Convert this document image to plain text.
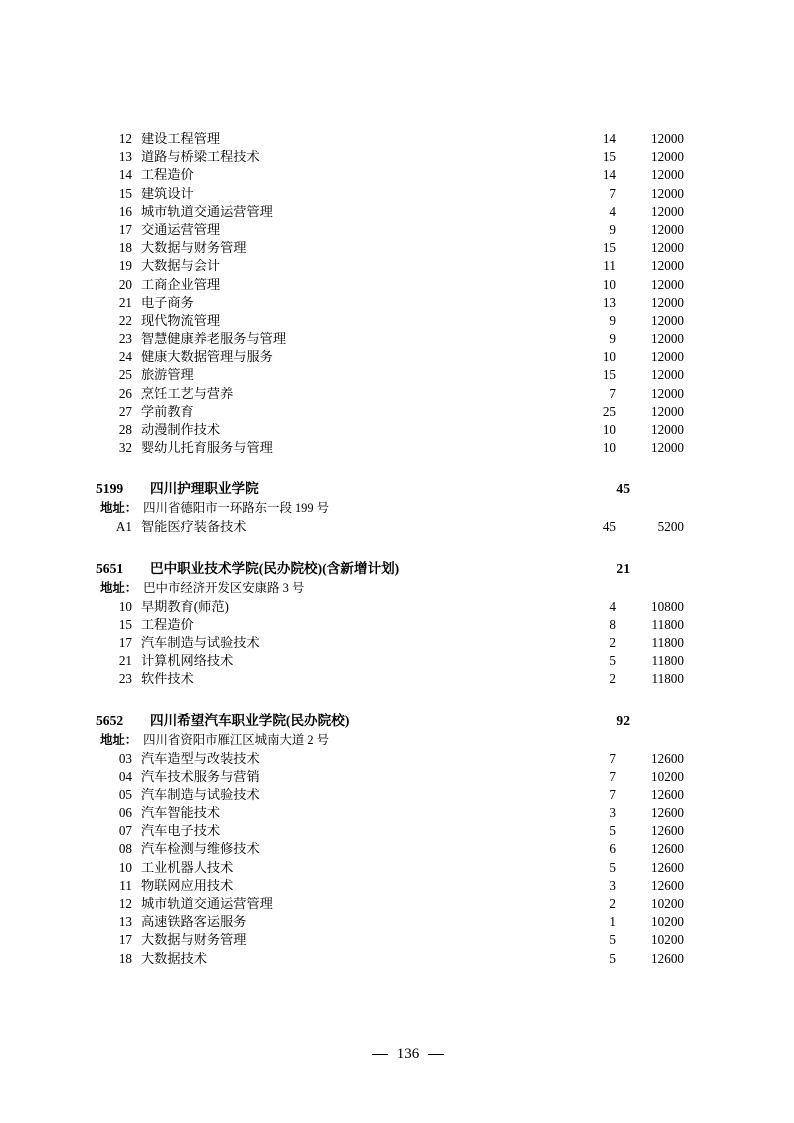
12 建设工程管理	14	12000
13 道路与桥梁工程技术	15	12000
14 工程造价	14	12000
15 建筑设计	7	12000
16 城市轨道交通运营管理	4	12000
17 交通运营管理	9	12000
18 大数据与财务管理	15	12000
19 大数据与会计	11	12000
20 工商企业管理	10	12000
21 电子商务	13	12000
22 现代物流管理	9	12000
23 智慧健康养老服务与管理	9	12000
24 健康大数据管理与服务	10	12000
25 旅游管理	15	12000
26 烹饪工艺与营养	7	12000
27 学前教育	25	12000
28 动漫制作技术	10	12000
32 婴幼儿托育服务与管理	10	12000
5199	四川护理职业学院	45
地址： 四川省德阳市一环路东一段 199 号
A1 智能医疗装备技术	45	5200
5651	巴中职业技术学院(民办院校)(含新增计划)	21
地址： 巴中市经济开发区安康路 3 号
10 早期教育(师范)	4	10800
15 工程造价	8	11800
17 汽车制造与试验技术	2	11800
21 计算机网络技术	5	11800
23 软件技术	2	11800
5652	四川希望汽车职业学院(民办院校)	92
地址： 四川省资阳市雁江区城南大道 2 号
03 汽车造型与改装技术	7	12600
04 汽车技术服务与营销	7	10200
05 汽车制造与试验技术	7	12600
06 汽车智能技术	3	12600
07 汽车电子技术	5	12600
08 汽车检测与维修技术	6	12600
10 工业机器人技术	5	12600
11 物联网应用技术	3	12600
12 城市轨道交通运营管理	2	10200
13 高速铁路客运服务	1	10200
17 大数据与财务管理	5	10200
18 大数据技术	5	12600
136
